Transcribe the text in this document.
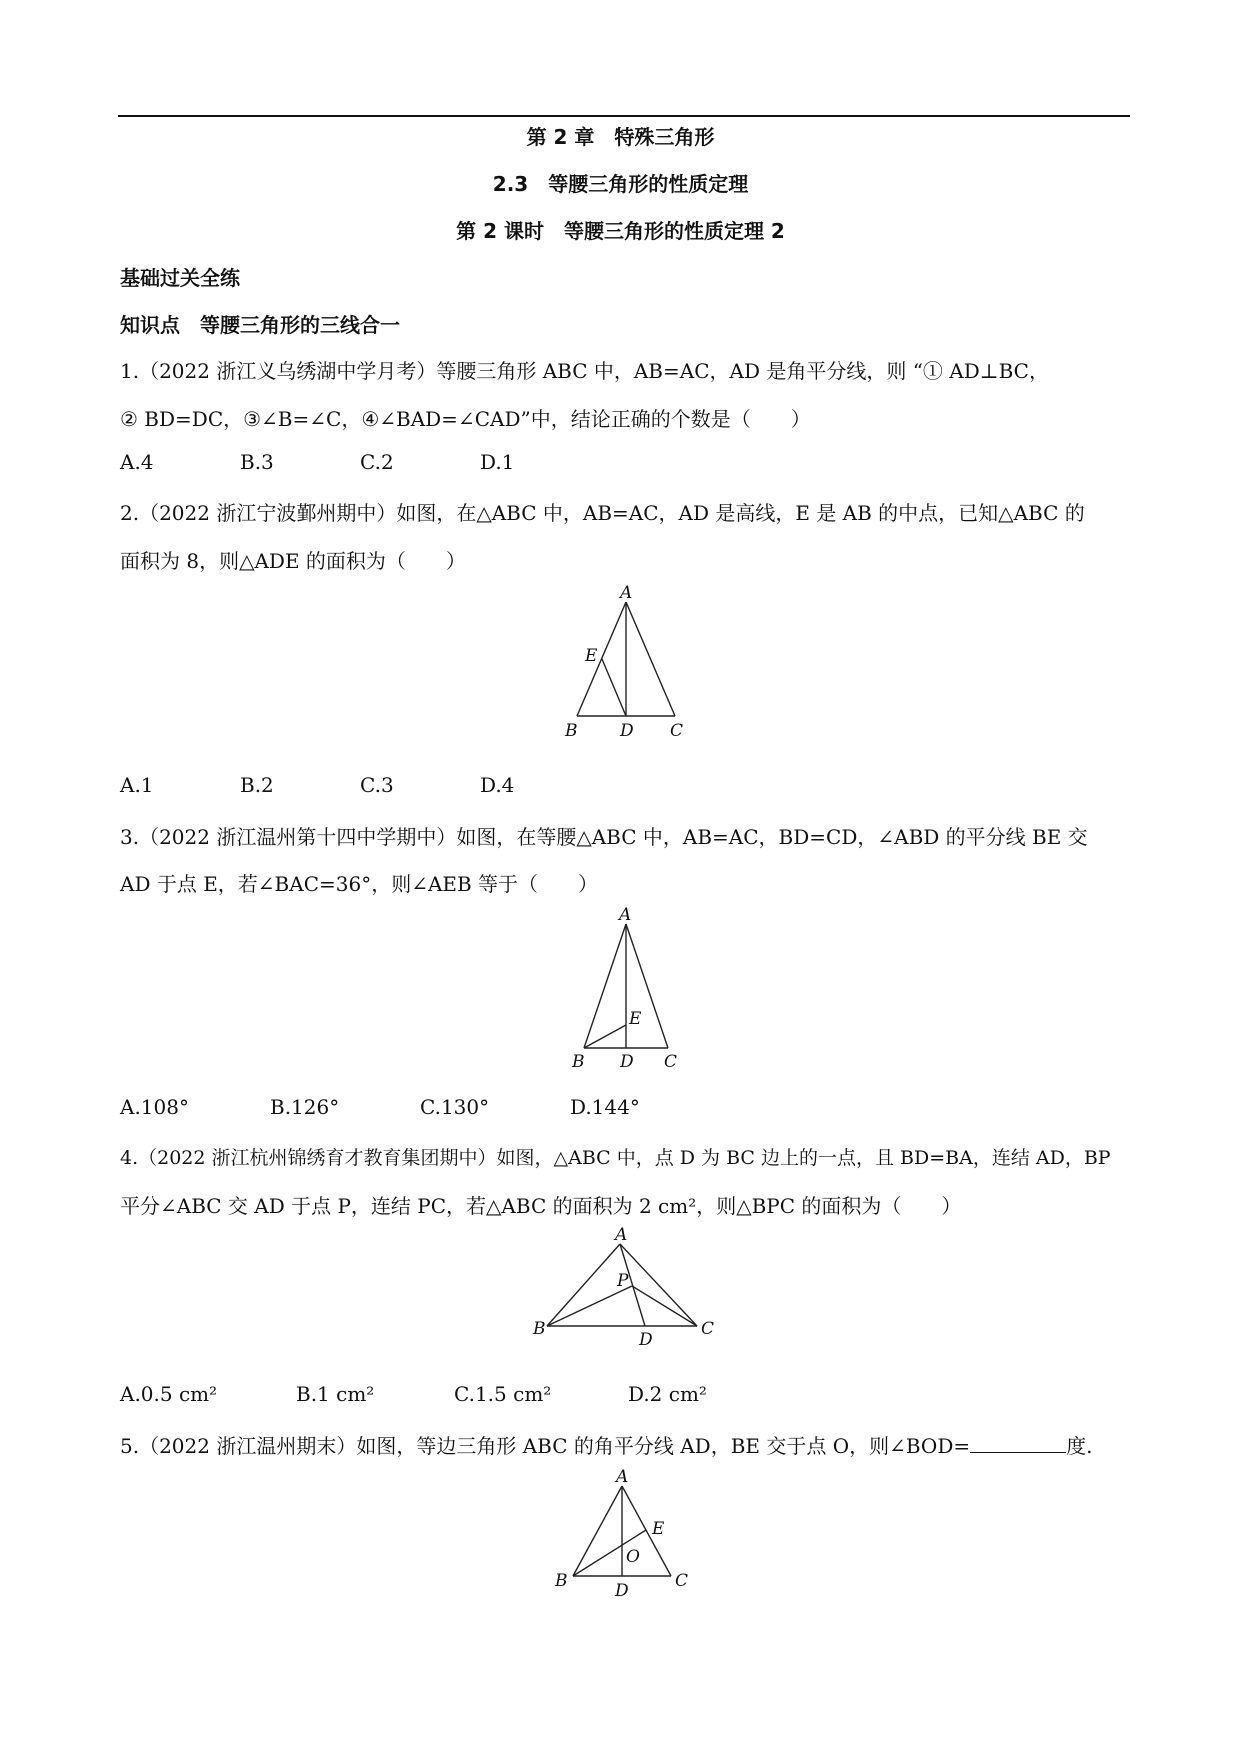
第 2 章　特殊三角形
2.3　等腰三角形的性质定理
第 2 课时　等腰三角形的性质定理 2
基础过关全练
知识点　等腰三角形的三线合一
1.（2022 浙江义乌绣湖中学月考）等腰三角形 ABC 中，AB=AC，AD 是角平分线，则 “① AD⊥BC，
② BD=DC，③∠B=∠C，④∠BAD=∠CAD”中，结论正确的个数是（　　）
A.4	B.3	C.2	D.1
2.（2022 浙江宁波鄞州期中）如图，在△ABC 中，AB=AC，AD 是高线，E 是 AB 的中点，已知△ABC 的
面积为 8，则△ADE 的面积为（　　）
A
E
B	D C
A.1	B.2	C.3	D.4
3.（2022 浙江温州第十四中学期中）如图，在等腰△ABC 中，AB=AC，BD=CD，∠ABD 的平分线 BE 交
AD 于点 E，若∠BAC=36°，则∠AEB 等于（　　）
A
E
B D C
A.108°	B.126°	C.130°	D.144°
4.（2022 浙江杭州锦绣育才教育集团期中）如图，△ABC 中，点 D 为 BC 边上的一点，且 BD=BA，连结 AD，BP
平分∠ABC 交 AD 于点 P，连结 PC，若△ABC 的面积为 2 cm²，则△BPC 的面积为（　　）
A
P
B
D
C
A.0.5 cm²	B.1 cm²	C.1.5 cm²	D.2 cm²
5.（2022 浙江温州期末）如图，等边三角形 ABC 的角平分线 AD，BE 交于点 O，则∠BOD=	度.
A
E
O
B	D	C
